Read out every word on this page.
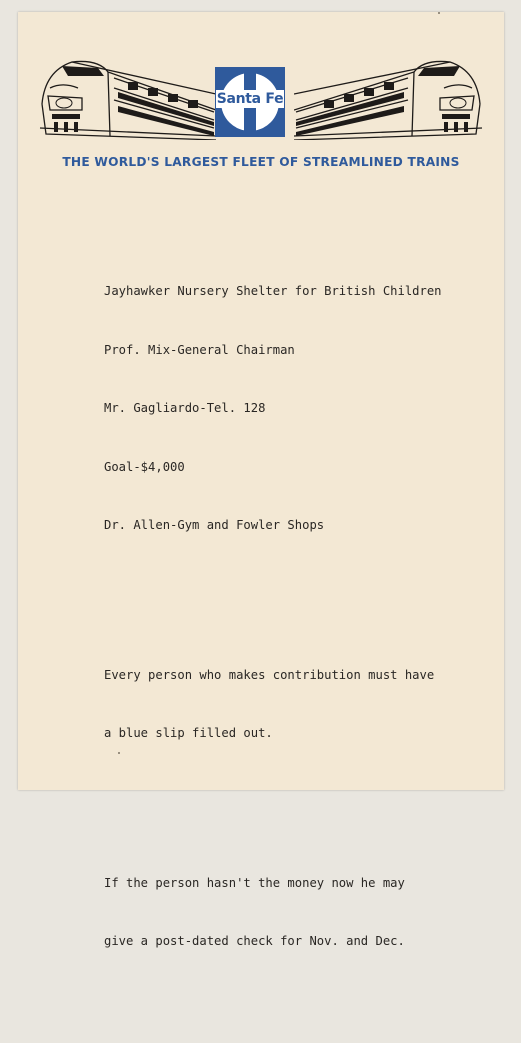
Santa Fe
THE WORLD'S LARGEST FLEET OF STREAMLINED TRAINS

Jayhawker Nursery Shelter for British Children

Prof. Mix-General Chairman

Mr. Gagliardo-Tel. 128

Goal-$4,000

Dr. Allen-Gym and Fowler Shops

Every person who makes contribution must have

a blue slip filled out.

If the person hasn't the money now he may

give a post-dated check for Nov. and Dec.
